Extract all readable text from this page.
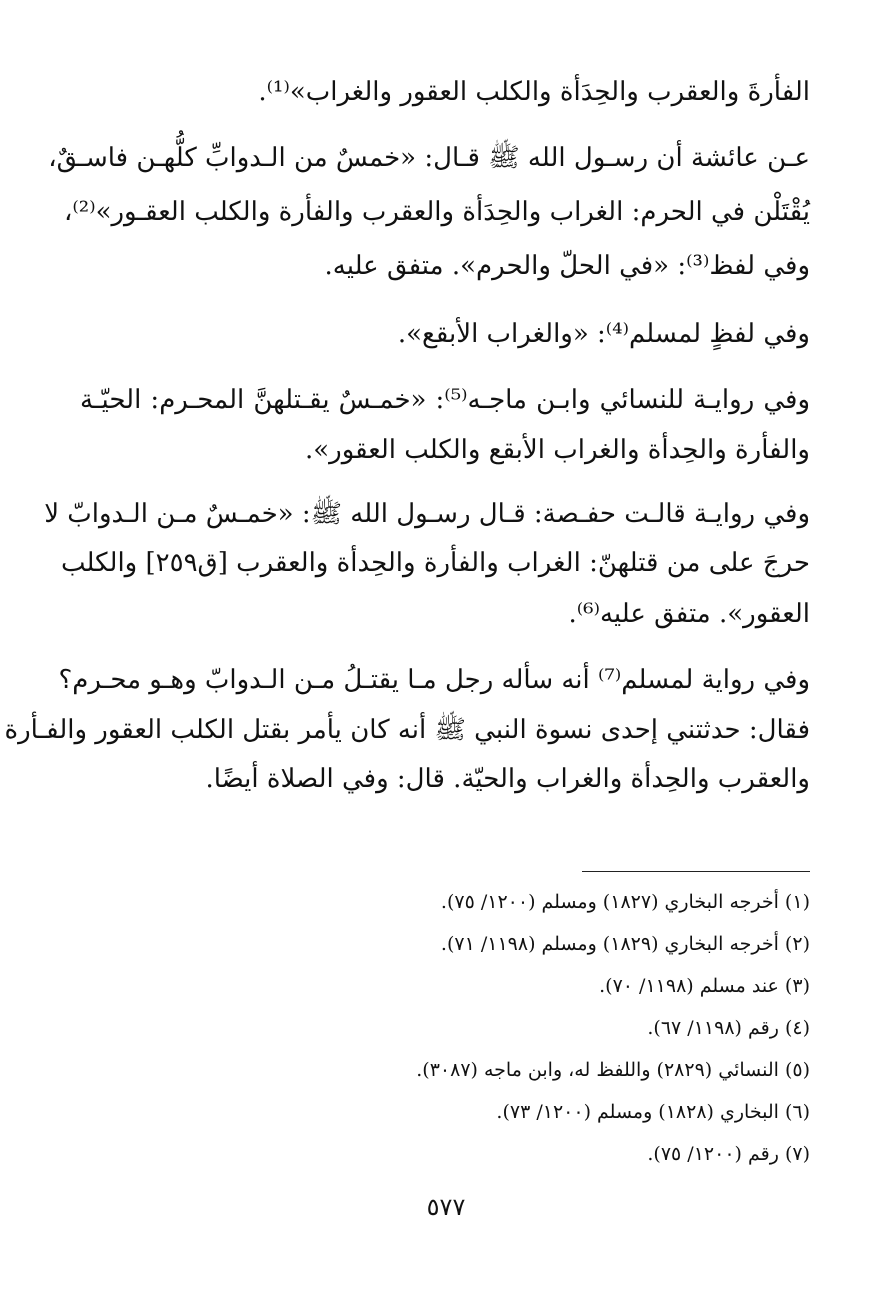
الفأرةَ والعقرب والحِدَأة والكلب العقور والغراب»⁽¹⁾.
عـن عائشة أن رسـول الله ﷺ قـال: «خمسٌ من الـدوابِّ كلُّهـن فاسـقٌ،
يُقْتَلْن في الحرم: الغراب والحِدَأة والعقرب والفأرة والكلب العقـور»⁽²⁾،
وفي لفظ⁽³⁾: «في الحلّ والحرم». متفق عليه.
وفي لفظٍ لمسلم⁽⁴⁾: «والغراب الأبقع».
وفي روايـة للنسائي وابـن ماجـه⁽⁵⁾: «خمـسٌ يقـتلهنَّ المحـرم: الحيّـة
والفأرة والحِدأة والغراب الأبقع والكلب العقور».
وفي روايـة قالـت حفـصة: قـال رسـول الله ﷺ: «خمـسٌ مـن الـدوابّ لا
حرجَ على من قتلهنّ: الغراب والفأرة والحِدأة والعقرب [ق٢٥٩] والكلب
العقور». متفق عليه⁽⁶⁾.
وفي رواية لمسلم⁽⁷⁾ أنه سأله رجل مـا يقتـلُ مـن الـدوابّ وهـو محـرم؟
فقال: حدثتني إحدى نسوة النبي ﷺ أنه كان يأمر بقتل الكلب العقور والفـأرة
والعقرب والحِدأة والغراب والحيّة. قال: وفي الصلاة أيضًا.
(١) أخرجه البخاري (١٨٢٧) ومسلم (١٢٠٠/ ٧٥).
(٢) أخرجه البخاري (١٨٢٩) ومسلم (١١٩٨/ ٧١).
(٣) عند مسلم (١١٩٨/ ٧٠).
(٤) رقم (١١٩٨/ ٦٧).
(٥) النسائي (٢٨٢٩) واللفظ له، وابن ماجه (٣٠٨٧).
(٦) البخاري (١٨٢٨) ومسلم (١٢٠٠/ ٧٣).
(٧) رقم (١٢٠٠/ ٧٥).
٥٧٧
